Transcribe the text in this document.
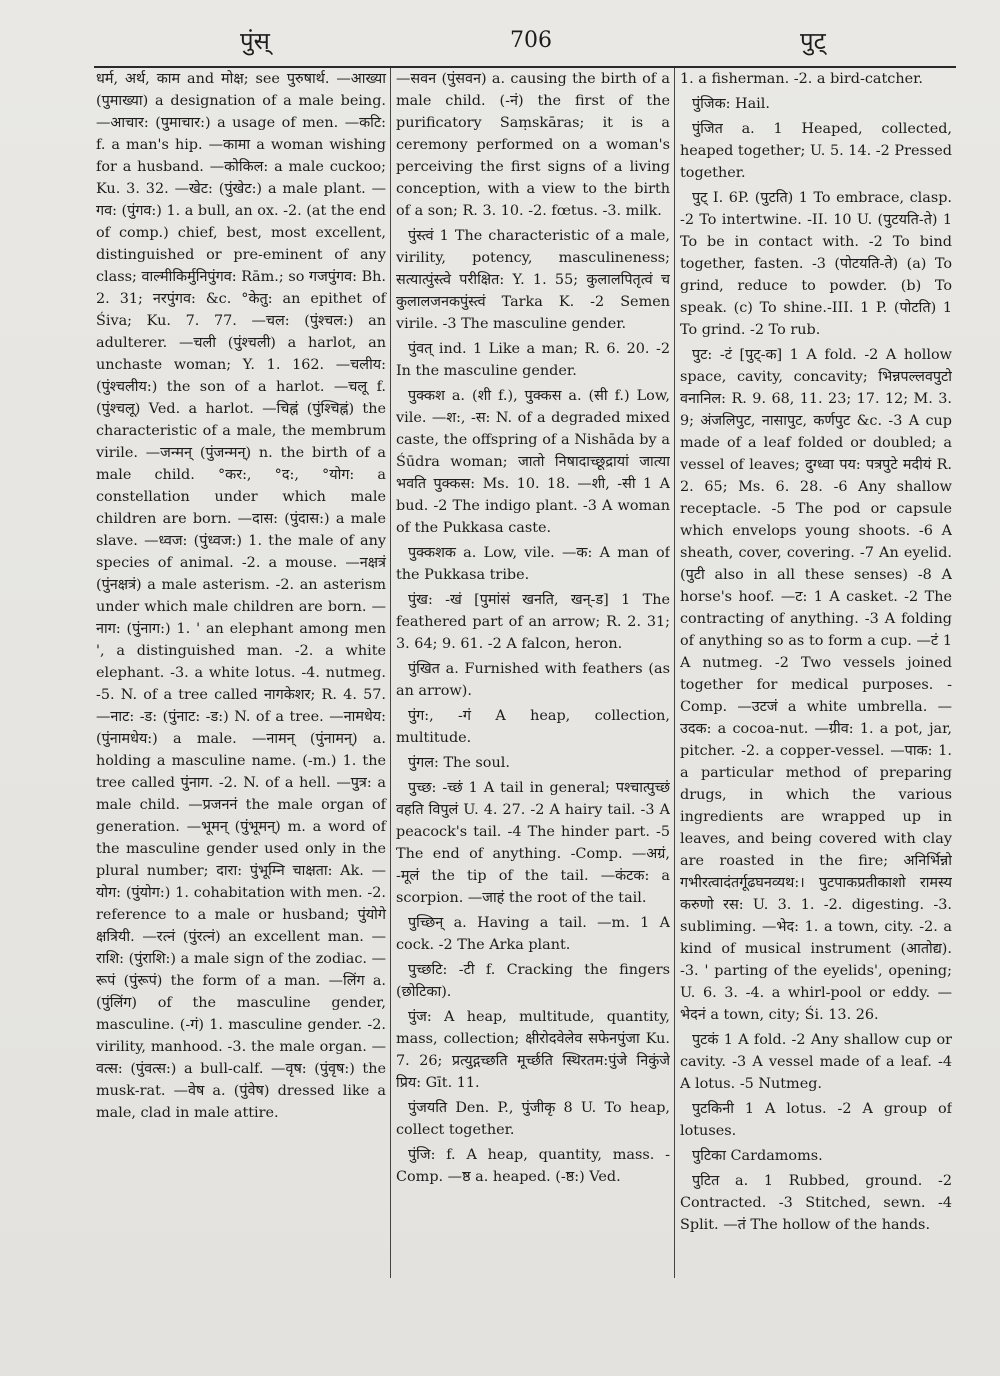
पुंस्	706	पुट्

धर्म, अर्थ, काम and मोक्ष; see पुरुषार्थ. —आख्या (पुमाख्या) a designation of a male being. —आचार: (पुमाचार:) a usage of men. —कटि: f. a man's hip. —कामा a woman wishing for a husband. —कोकिल: a male cuckoo; Ku. 3. 32. —खेट: (पुंखेट:) a male plant. —गव: (पुंगव:) 1. a bull, an ox. -2. (at the end of comp.) chief, best, most excellent, distinguished or pre-eminent of any class; वाल्मीकिर्मुनिपुंगव: Rām.; so गजपुंगव: Bh. 2. 31; नरपुंगव: &c. °केतु: an epithet of Śiva; Ku. 7. 77. —चल: (पुंश्चल:) an adulterer. —चली (पुंश्चली) a harlot, an unchaste woman; Y. 1. 162. —चलीय: (पुंश्चलीय:) the son of a harlot. —चलू f. (पुंश्चलू) Ved. a harlot. —चिह्नं (पुंश्चिह्नं) the characteristic of a male, the membrum virile. —जन्मन् (पुंजन्मन्) n. the birth of a male child. °कर:, °द:, °योग: a constellation under which male children are born. —दास: (पुंदास:) a male slave. —ध्वज: (पुंध्वज:) 1. the male of any species of animal. -2. a mouse. —नक्षत्रं (पुंनक्षत्रं) a male asterism. -2. an asterism under which male children are born. —नाग: (पुंनाग:) 1. ' an elephant among men ', a distinguished man. -2. a white elephant. -3. a white lotus. -4. nutmeg. -5. N. of a tree called नागकेशर; R. 4. 57. —नाट: -ड: (पुंनाट: -ड:) N. of a tree. —नामधेय: (पुंनामधेय:) a male. —नामन् (पुंनामन्) a. holding a masculine name. (-m.) 1. the tree called पुंनाग. -2. N. of a hell. —पुत्र: a male child. —प्रजननं the male organ of generation. —भूमन् (पुंभूमन्) m. a word of the masculine gender used only in the plural number; दारा: पुंभूम्नि चाक्षता: Ak. —योग: (पुंयोग:) 1. cohabitation with men. -2. reference to a male or husband; पुंयोगे क्षत्रियी. —रत्नं (पुंरत्नं) an excellent man. —राशि: (पुंराशि:) a male sign of the zodiac. —रूपं (पुंरूपं) the form of a man. —लिंग a. (पुंलिंग) of the masculine gender, masculine. (-गं) 1. masculine gender. -2. virility, manhood. -3. the male organ. —वत्स: (पुंवत्स:) a bull-calf. —वृष: (पुंवृष:) the musk-rat. —वेष a. (पुंवेष) dressed like a male, clad in male attire.

—सवन (पुंसवन) a. causing the birth of a male child. (-नं) the first of the purificatory Saṃskāras; it is a ceremony performed on a woman's perceiving the first signs of a living conception, with a view to the birth of a son; R. 3. 10. -2. fœtus. -3. milk.

पुंस्त्वं 1 The characteristic of a male, virility, potency, masculineness; सत्यात्पुंस्त्वे परीक्षित: Y. 1. 55; कुलालपितृत्वं च कुलालजनकपुंस्त्वं Tarka K. -2 Semen virile. -3 The masculine gender.

पुंवत् ind. 1 Like a man; R. 6. 20. -2 In the masculine gender.

पुक्कश a. (शी f.), पुक्कस a. (सी f.) Low, vile. —श:, -स: N. of a degraded mixed caste, the offspring of a Nishāda by a Śūdra woman; जातो निषादाच्छूद्रायां जात्या भवति पुक्कस: Ms. 10. 18. —शी, -सी 1 A bud. -2 The indigo plant. -3 A woman of the Pukkasa caste.

पुक्कशक a. Low, vile. —क: A man of the Pukkasa tribe.

पुंख: -खं [पुमांसं खनति, खन्-ड] 1 The feathered part of an arrow; R. 2. 31; 3. 64; 9. 61. -2 A falcon, heron.

पुंखित a. Furnished with feathers (as an arrow).

पुंग:, -गं A heap, collection, multitude.

पुंगल: The soul.

पुच्छ: -च्छं 1 A tail in general; पश्चात्पुच्छं वहति विपुलं U. 4. 27. -2 A hairy tail. -3 A peacock's tail. -4 The hinder part. -5 The end of anything. -Comp. —अग्रं, -मूलं the tip of the tail. —कंटक: a scorpion. —जाहं the root of the tail.

पुच्छिन् a. Having a tail. —m. 1 A cock. -2 The Arka plant.

पुच्छटि: -टी f. Cracking the fingers (छोटिका).

पुंज: A heap, multitude, quantity, mass, collection; क्षीरोदवेलेव सफेनपुंजा Ku. 7. 26; प्रत्युद्गच्छति मूर्च्छति स्थिरतम:पुंजे निकुंजे प्रिय: Gīt. 11.

पुंजयति Den. P., पुंजीकृ 8 U. To heap, collect together.

पुंजि: f. A heap, quantity, mass. -Comp. —ष्ठ a. heaped. (-ष्ठ:) Ved.

1. a fisherman. -2. a bird-catcher.

पुंजिक: Hail.

पुंजित a. 1 Heaped, collected, heaped together; U. 5. 14. -2 Pressed together.

पुट् I. 6P. (पुटति) 1 To embrace, clasp. -2 To intertwine. -II. 10 U. (पुटयति-ते) 1 To be in contact with. -2 To bind together, fasten. -3 (पोटयति-ते) (a) To grind, reduce to powder. (b) To speak. (c) To shine.-III. 1 P. (पोटति) 1 To grind. -2 To rub.

पुट: -टं [पुट्-क] 1 A fold. -2 A hollow space, cavity, concavity; भिन्नपल्लवपुटो वनानिल: R. 9. 68, 11. 23; 17. 12; M. 3. 9; अंजलिपुट, नासापुट, कर्णपुट &c. -3 A cup made of a leaf folded or doubled; a vessel of leaves; दुग्ध्वा पय: पत्रपुटे मदीयं R. 2. 65; Ms. 6. 28. -6 Any shallow receptacle. -5 The pod or capsule which envelops young shoots. -6 A sheath, cover, covering. -7 An eyelid. (पुटी also in all these senses) -8 A horse's hoof. —ट: 1 A casket. -2 The contracting of anything. -3 A folding of anything so as to form a cup. —टं 1 A nutmeg. -2 Two vessels joined together for medical purposes. -Comp. —उटजं a white umbrella. —उदक: a cocoa-nut. —ग्रीव: 1. a pot, jar, pitcher. -2. a copper-vessel. —पाक: 1. a particular method of preparing drugs, in which the various ingredients are wrapped up in leaves, and being covered with clay are roasted in the fire; अनिर्भिन्नो गभीरत्वादंतर्गूढघनव्यथ:। पुटपाकप्रतीकाशो रामस्य करुणो रस: U. 3. 1. -2. digesting. -3. subliming. —भेद: 1. a town, city. -2. a kind of musical instrument (आतोद्य). -3. ' parting of the eyelids', opening; U. 6. 3. -4. a whirl-pool or eddy. —भेदनं a town, city; Śi. 13. 26.

पुटकं 1 A fold. -2 Any shallow cup or cavity. -3 A vessel made of a leaf. -4 A lotus. -5 Nutmeg.

पुटकिनी 1 A lotus. -2 A group of lotuses.

पुटिका Cardamoms.

पुटित a. 1 Rubbed, ground. -2 Contracted. -3 Stitched, sewn. -4 Split. —तं The hollow of the hands.
